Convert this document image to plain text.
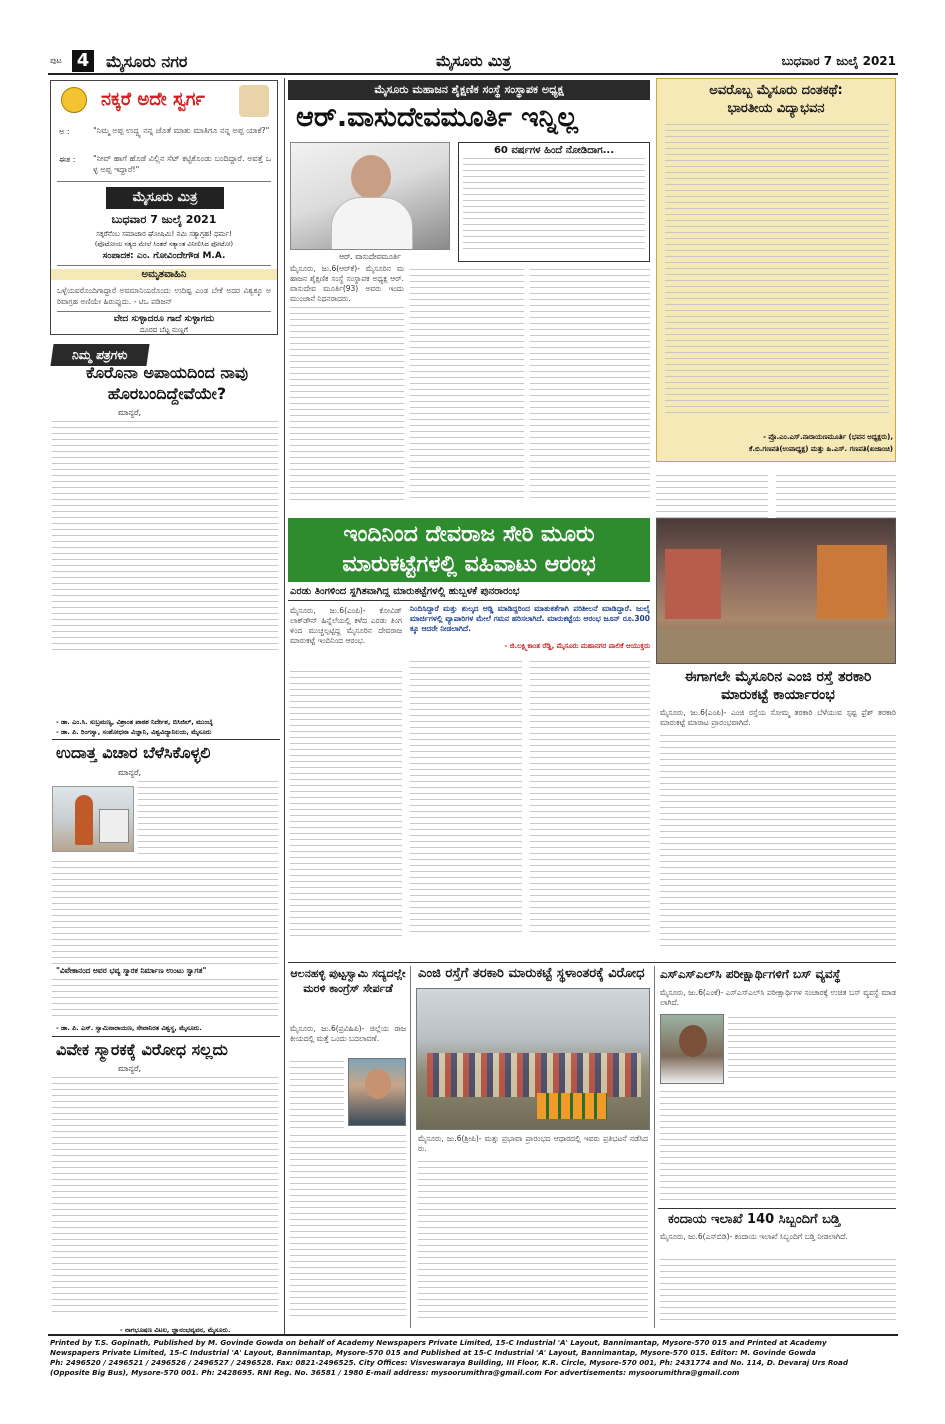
ಪುಟ 4 ಮೈಸೂರು ನಗರ	ಮೈಸೂರು ಮಿತ್ರ	ಬುಧವಾರ 7 ಜುಲೈ 2021
ನಕ್ಕರೆ ಅದೇ ಸ್ವರ್ಗ
ಅ :	"ನಿಮ್ಮ ಅಪ್ಪ ಉದ್ದ್ಯ ನನ್ನ ಜೊತೆ ಮಾತು ಮಾತಿಗೂ ನನ್ನ ಅಪ್ಪ ಯಾಕೆ?"
ಈತ : "ನೀವ್ ಹಾಗೆ ಹೊಡೆ ವಿಲ್ಲಿನ ಸೆಟ್ ಕಟ್ಟಿಕೊಂಡು ಬಂದಿದ್ದಾರೆ. ಅವತ್ತೆ ಒಳ್ಳ ಅಪ್ಪ ಇದ್ದಾರೆ!"
ಮೈಸೂರು ಮಿತ್ರ
ಬುಧವಾರ 7 ಜುಲೈ 2021
ಸಕ್ಕರೆನೆಂಬ ಸಮಾಚಾರ ಘೋಷಿಮಿ! ನಮಿ ಸತ್ಯಾಗ್ರಹ! ಧರ್ಮ!
(ಫೊಟೋಂಲ ಸತ್ಯದ ಮೇಲೆ ಸಿಂತರೆ ಸತ್ಯಾಂತ ವಿನೀಲಿಸಿದ ಫೋಟೋ)
ಸಂಪಾದಕ: ಎಂ. ಗೋವಿಂದೇಗೌಡ M.A.
ಅಮೃತವಾಹಿನಿ
ಒಳ್ಳೆಯವರೊಂದಿಗಾದ್ದಾರೆ ಅವಮಾನಿಯರೊಂದು ಉದಿಷ್ಟ ಎಂಡ ಬೇಕೆ ಅದರ ವಿಶ್ವಕ್ಕೂ ಅರಿವಾಗ್ರಹ ಅಣಿಯೇ ಹಿರುಪ್ಪುದು. - ಟಿಒ ಪಡಿಜನ್
ವೇದ ಸುಳ್ಳಾದರೂ ಗಾದೆ ಸುಳ್ಳಾಗದು
ದೂರದ ಬೆಟ್ಟ ನುಣ್ಣಗೆ
ನಿಮ್ಮ ಪತ್ರಗಳು
ಕೊರೊನಾ ಅಪಾಯದಿಂದ ನಾವು ಹೊರಬಂದಿದ್ದೇವೆಯೇ?
ಮಾನ್ಯರೆ,
- ಡಾ. ಎಂ.ಸಿ. ಸುಬ್ರಮಣ್ಯ, ವಿಶ್ರಾಂತ ಪಾಠಶ ನಿರ್ದೇಶ, ಬಿಸಿಜಿಲ್, ಮುಂಬೈ
- ಡಾ. ಪಿ. ರಿಂಗಸ್ವಾ, ಸಂಶೋಧನಾ ವಿಜ್ಞಾನಿ, ವಿಶ್ವವಿದ್ಯಾನಿಲಯ, ಮೈಸೂರು
ಉದಾತ್ತ ವಿಚಾರ ಬೆಳೆಸಿಕೊಳ್ಳಲಿ
ಮಾನ್ಯರೆ,
"ವಿವೇಕಾನಂದ ಅವರ ಭವ್ಯ ಸ್ಮಾರಕ ನಿರ್ಮಾಣ ಉಂಟು ಸ್ವಾಗತ"
- ಡಾ. ಪಿ. ಎಸ್. ಸ್ವಾಮಿನಾರಾಯಣ, ಸೇವಾನಿರತ ವಿಶ್ವಸ್ಥ, ಮೈಸೂರು.
ವಿವೇಕ ಸ್ಮಾರಕಕ್ಕೆ ವಿರೋಧ ಸಲ್ಲದು
ಮಾನ್ಯರೆ,
- ನಾಗಭೂಷಣ ವಿಟಲ, ಜ್ಞಾನಂಭವ್ಯವನ, ಮೈಸೂರು.
ಮೈಸೂರು ಮಹಾಜನ ಶೈಕ್ಷಣಿಕ ಸಂಸ್ಥೆ ಸಂಸ್ಥಾಪಕ ಅಧ್ಯಕ್ಷ
ಆರ್.ವಾಸುದೇವಮೂರ್ತಿ ಇನ್ನಿಲ್ಲ
ಆರ್. ವಾಸುದೇವಮೂರ್ತಿ
60 ವರ್ಷಗಳ ಹಿಂದೆ ನೋಡಿದಾಗ...
ಮೈಸೂರು, ಜು.6(ಆರ್‌ಕೆ)- ಮೈಸೂರಿನ ಮಹಾಜನ ಶೈಕ್ಷಣಿಕ ಸಂಸ್ಥೆ ಸಂಸ್ಥಾಪಕ ಅಧ್ಯಕ್ಷ ಆರ್.ವಾಸುದೇವ ಮೂರ್ತಿ(93) ಅವರು ಇಂದು ಮುಂಜಾನೆ ನಿಧನರಾದರು.
ಅವರೊಬ್ಬ ಮೈಸೂರು ದಂತಕಥೆ:
ಭಾರತೀಯ ವಿದ್ಯಾಭವನ
- ಪ್ರೊ.ಎಂ.ಎಸ್.ನಾರಾಯಣಮೂರ್ತಿ (ಭವನ ಅಧ್ಯಕ್ಷರು),
ಕೆ.ಬಿ.ಗಣಪತಿ(ಉಪಾಧ್ಯಕ್ಷ) ಮತ್ತು ಹಿ.ಎಸ್. ಗಣಪತಿ(ಖಜಾಂಚಿ)
ಇಂದಿನಿಂದ ದೇವರಾಜ ಸೇರಿ ಮೂರು
ಮಾರುಕಟ್ಟೆಗಳಲ್ಲಿ ವಹಿವಾಟು ಆರಂಭ
ಎರಡು ತಿಂಗಳಿಂದ ಸ್ಥಗಿತವಾಗಿದ್ದ ಮಾರುಕಟ್ಟೆಗಳಲ್ಲಿ ಹುಬ್ಬಳಕೆ ಪುನರಾರಂಭ
ಮೈಸೂರು, ಜು.6(ಎಂಪಿ)- ಕೋವಿಡ್ ಲಾಕ್‌ಡೌನ್ ಹಿನ್ನೆಲೆಯಲ್ಲಿ ಕಳೆದ ಎರಡು ತಿಂಗಳಿಂದ ಮುಚ್ಚಲ್ಪಟ್ಟಿದ್ದ ಮೈಸೂರಿನ ದೇವರಾಜ ಮಾರುಕಟ್ಟೆ ಇಂದಿನಿಂದ ಆರಂಭ.
ನಿಂದಿಸಿದ್ದಾರೆ ಮತ್ತು ಶುಲ್ಕದ ಆಡ್ಡಿ ಮಾಡಿದ್ದರಿಂದ ಮಾತುಕತೆಗಾಗಿ ಪರಿಶೀಲನೆ ಮಾಡಿದ್ದಾರೆ. ಜುಲೈ ಮಾರ್ಚಿಗಳಲ್ಲಿ ವ್ಯಾಪಾರಿಗಳ ಮೇಲೆ ಗಮನ ಹರಿಸಲಾಗಿದೆ. ಮಾರುಕಟ್ಟೆಯ ಆರಂಭ ಜೂನ್ ರೂ.300ಕ್ಕೂ ಆದರೇ ನೀಡಲಾಗಿದೆ.
- ಜಿ.ಲಕ್ಷ್ಮಿಕಾಂತ ರೆಡ್ಡಿ, ಮೈಸೂರು ಮಹಾನಗರ ಪಾಲಿಕೆ ಆಯುಕ್ತರು
ಈಗಾಗಲೇ ಮೈಸೂರಿನ ಎಂಜಿ ರಸ್ತೆ ತರಕಾರಿ ಮಾರುಕಟ್ಟೆ ಕಾರ್ಯಾರಂಭ
ಮೈಸೂರು, ಜು.6(ಎಂಪಿ)- ಎಂಜಿ ರಸ್ತೆಯ ಸೋಮ್ಮ ತರಕಾರಿ ಬೆಳೆಯುವ ಸ್ಪಷ್ಟ ಫ್ರೆಶ್ ತರಕಾರಿ ಮಾರುಕಟ್ಟೆ ಮಾರಾಟ ಪ್ರಾರಂಭವಾಗಿದೆ.
ಆಲನಹಳ್ಳಿ ಪುಟ್ಟಸ್ವಾಮಿ ಸದ್ಯದಲ್ಲೇ ಮರಳಿ ಕಾಂಗ್ರೆಸ್ ಸೇರ್ಪಡೆ
ಮೈಸೂರು, ಜು.6(ಪ್ರವಿಹಿಪಿ)- ಜಿಲ್ಲೆಯ ರಾಜಕೀಯದಲ್ಲಿ ಮತ್ತೆ ಒಂದು ಬದಲಾವಣೆ.
ಎಂಜಿ ರಸ್ತೆಗೆ ತರಕಾರಿ ಮಾರುಕಟ್ಟೆ ಸ್ಥಳಾಂತರಕ್ಕೆ ವಿರೋಧ
ಮೈಸೂರು, ಜು.6(ಶ್ರೀಪಿ)- ಮತ್ತು ಪ್ರಭಾವಾ ಪ್ರಾರಂಭದ ಆಧಾರದಲ್ಲಿ ಇವರು ಪ್ರತಿಭಟನೆ ನಡೆಸಿದರು.
ಎಸ್‌ಎಸ್‌ಎಲ್‌ಸಿ ಪರೀಕ್ಷಾರ್ಥಿಗಳಿಗೆ ಬಸ್ ವ್ಯವಸ್ಥೆ
ಮೈಸೂರು, ಜು.6(ಎಂಕೆ)- ಎಸ್‌ಎಸ್‌ಎಲ್‌ಸಿ ಪರೀಕ್ಷಾರ್ಥಿಗಳ ಸಂಚಾರಕ್ಕೆ ಉಚಿತ ಬಸ್ ವ್ಯವಸ್ಥೆ ಮಾಡಲಾಗಿದೆ.
ಕಂದಾಯ ಇಲಾಖೆ 140 ಸಿಬ್ಬಂದಿಗೆ ಬಡ್ತಿ
ಮೈಸೂರು, ಜು.6(ಎಸ್‌ಬಿಡಿ)- ಕಂದಾಯ ಇಲಾಖೆ ಸಿಬ್ಬಂದಿಗೆ ಬಡ್ತಿ ನೀಡಲಾಗಿದೆ.
Printed by T.S. Gopinath, Published by M. Govinde Gowda on behalf of Academy Newspapers Private Limited, 15-C Industrial 'A' Layout, Bannimantap, Mysore-570 015 and Printed at Academy
Newspapers Private Limited, 15-C Industrial 'A' Layout, Bannimantap, Mysore-570 015 and Published at 15-C Industrial 'A' Layout, Bannimantap, Mysore-570 015. Editor: M. Govinde Gowda
Ph: 2496520 / 2496521 / 2496526 / 2496527 / 2496528. Fax: 0821-2496525. City Offices: Visveswaraya Building, III Floor, K.R. Circle, Mysore-570 001, Ph: 2431774 and No. 114, D. Devaraj Urs Road
(Opposite Big Bus), Mysore-570 001. Ph: 2428695. RNI Reg. No. 36581 / 1980 E-mail address: mysoorumithra@gmail.com For advertisements: mysoorumithra@gmail.com
